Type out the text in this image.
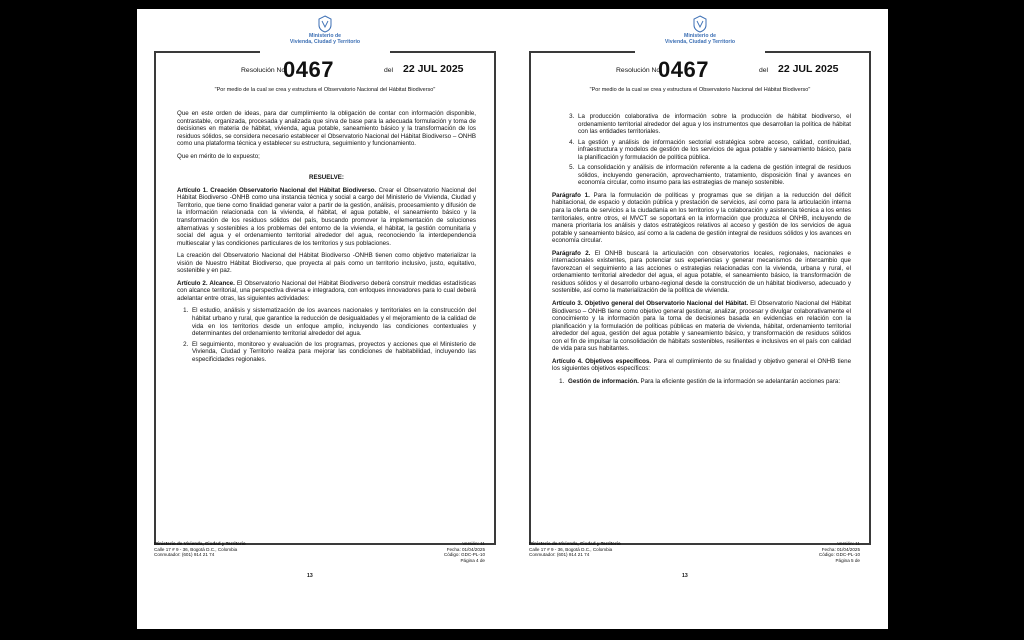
Ministerio de
Vivienda, Ciudad y Territorio
Resolución No.
0467	del 22 JUL 2025
"Por medio de la cual se crea y estructura el Observatorio Nacional del Hábitat Biodiverso"

Que en este orden de ideas, para dar cumplimiento la obligación de contar con información disponible, contrastable, organizada, procesada y analizada que sirva de base para la adecuada formulación y toma de decisiones en materia de hábitat, vivienda, agua potable, saneamiento básico y la transformación de los residuos sólidos, se considera necesario establecer el Observatorio Nacional del Hábitat Biodiverso – ONHB como una plataforma técnica y establecer su estructura, seguimiento y funcionamiento.

Que en mérito de lo expuesto;

RESUELVE:

Artículo 1. Creación Observatorio Nacional del Hábitat Biodiverso. Crear el Observatorio Nacional del Hábitat Biodiverso -ONHB como una instancia técnica y social a cargo del Ministerio de Vivienda, Ciudad y Territorio, que tiene como finalidad generar valor a partir de la gestión, análisis, procesamiento y difusión de la información relacionada con la vivienda, el hábitat, el agua potable, el saneamiento básico y la transformación de los residuos sólidos del país, buscando promover la implementación de soluciones alternativas y sostenibles a los problemas del entorno de la vivienda, el hábitat, la gestión comunitaria y social del agua y el ordenamiento territorial alrededor del agua, reconociendo la interdependencia multiescalar y las condiciones particulares de los territorios y sus poblaciones.

La creación del Observatorio Nacional del Hábitat Biodiverso -ONHB tienen como objetivo materializar la visión de Nuestro Hábitat Biodiverso, que proyecta al país como un territorio inclusivo, justo, equitativo, sostenible y en paz.

Artículo 2. Alcance. El Observatorio Nacional del Hábitat Biodiverso deberá construir medidas estadísticas con alcance territorial, una perspectiva diversa e integradora, con enfoques innovadores para lo cual deberá adelantar entre otras, las siguientes actividades:

1. El estudio, análisis y sistematización de los avances nacionales y territoriales en la construcción del hábitat urbano y rural, que garantice la reducción de desigualdades y el mejoramiento de la calidad de vida en los territorios desde un enfoque amplio, incluyendo las condiciones contextuales y determinantes del ordenamiento territorial alrededor del agua.
2. El seguimiento, monitoreo y evaluación de los programas, proyectos y acciones que el Ministerio de Vivienda, Ciudad y Territorio realiza para mejorar las condiciones de habitabilidad, incluyendo las especificidades regionales.
Ministerio de Vivienda, Ciudad y Territorio
Calle 17 # 9 - 36, Bogotá D.C., Colombia
Conmutador: (601) 914 21 74
Versión: 11
Fecha: 01/04/2025
Código: GDC-PL-10
Página 4 de
13
Ministerio de
Vivienda, Ciudad y Territorio
Resolución No.
0467	del 22 JUL 2025
"Por medio de la cual se crea y estructura el Observatorio Nacional del Hábitat Biodiverso"
3. La producción colaborativa de información sobre la producción de hábitat biodiverso, el ordenamiento territorial alrededor del agua y los instrumentos que desarrollan la política de hábitat con las entidades territoriales.
4. La gestión y análisis de información sectorial estratégica sobre acceso, calidad, continuidad, infraestructura y modelos de gestión de los servicios de agua potable y saneamiento básico, para la planificación y formulación de política pública.
5. La consolidación y análisis de información referente a la cadena de gestión integral de residuos sólidos, incluyendo generación, aprovechamiento, tratamiento, disposición final y avances en economía circular, como insumo para las estrategias de manejo sostenible.

Parágrafo 1. Para la formulación de políticas y programas que se dirijan a la reducción del déficit habitacional, de espacio y dotación pública y prestación de servicios, así como para la articulación interna para la oferta de servicios a la ciudadanía en los territorios y la colaboración y asistencia técnica a los entes territoriales, entre otros, el MVCT se soportará en la información que produzca el ONHB, incluyendo de manera prioritaria los análisis y datos estratégicos relativos al acceso y gestión de los servicios de agua potable y saneamiento básico, así como a la cadena de gestión integral de residuos sólidos y los avances en economía circular.

Parágrafo 2. El ONHB buscará la articulación con observatorios locales, regionales, nacionales e internacionales existentes, para potenciar sus experiencias y generar mecanismos de intercambio que favorezcan el seguimiento a las acciones o estrategias relacionadas con la vivienda, urbana y rural, el ordenamiento territorial alrededor del agua, el agua potable, el saneamiento básico, la transformación de residuos sólidos y el desarrollo urbano-regional desde la construcción de un hábitat biodiverso, adecuado y sostenible, así como la materialización de la política de vivienda.

Artículo 3. Objetivo general del Observatorio Nacional del Hábitat. El Observatorio Nacional del Hábitat Biodiverso – ONHB tiene como objetivo general gestionar, analizar, procesar y divulgar colaborativamente el conocimiento y la información para la toma de decisiones basada en evidencias en relación con la planificación y la formulación de políticas públicas en materia de vivienda, hábitat, ordenamiento territorial alrededor del agua, gestión del agua potable y saneamiento básico, y transformación de residuos sólidos con el fin de impulsar la consolidación de hábitats sostenibles, resilientes e inclusivos en el país con calidad de vida para sus habitantes.

Artículo 4. Objetivos específicos. Para el cumplimiento de su finalidad y objetivo general el ONHB tiene los siguientes objetivos específicos:

1. Gestión de información. Para la eficiente gestión de la información se adelantarán acciones para:
Ministerio de Vivienda, Ciudad y Territorio
Calle 17 # 9 - 36, Bogotá D.C., Colombia
Conmutador: (601) 914 21 74
Versión: 11
Fecha: 01/04/2025
Código: GDC-PL-10
Página 5 de
13
